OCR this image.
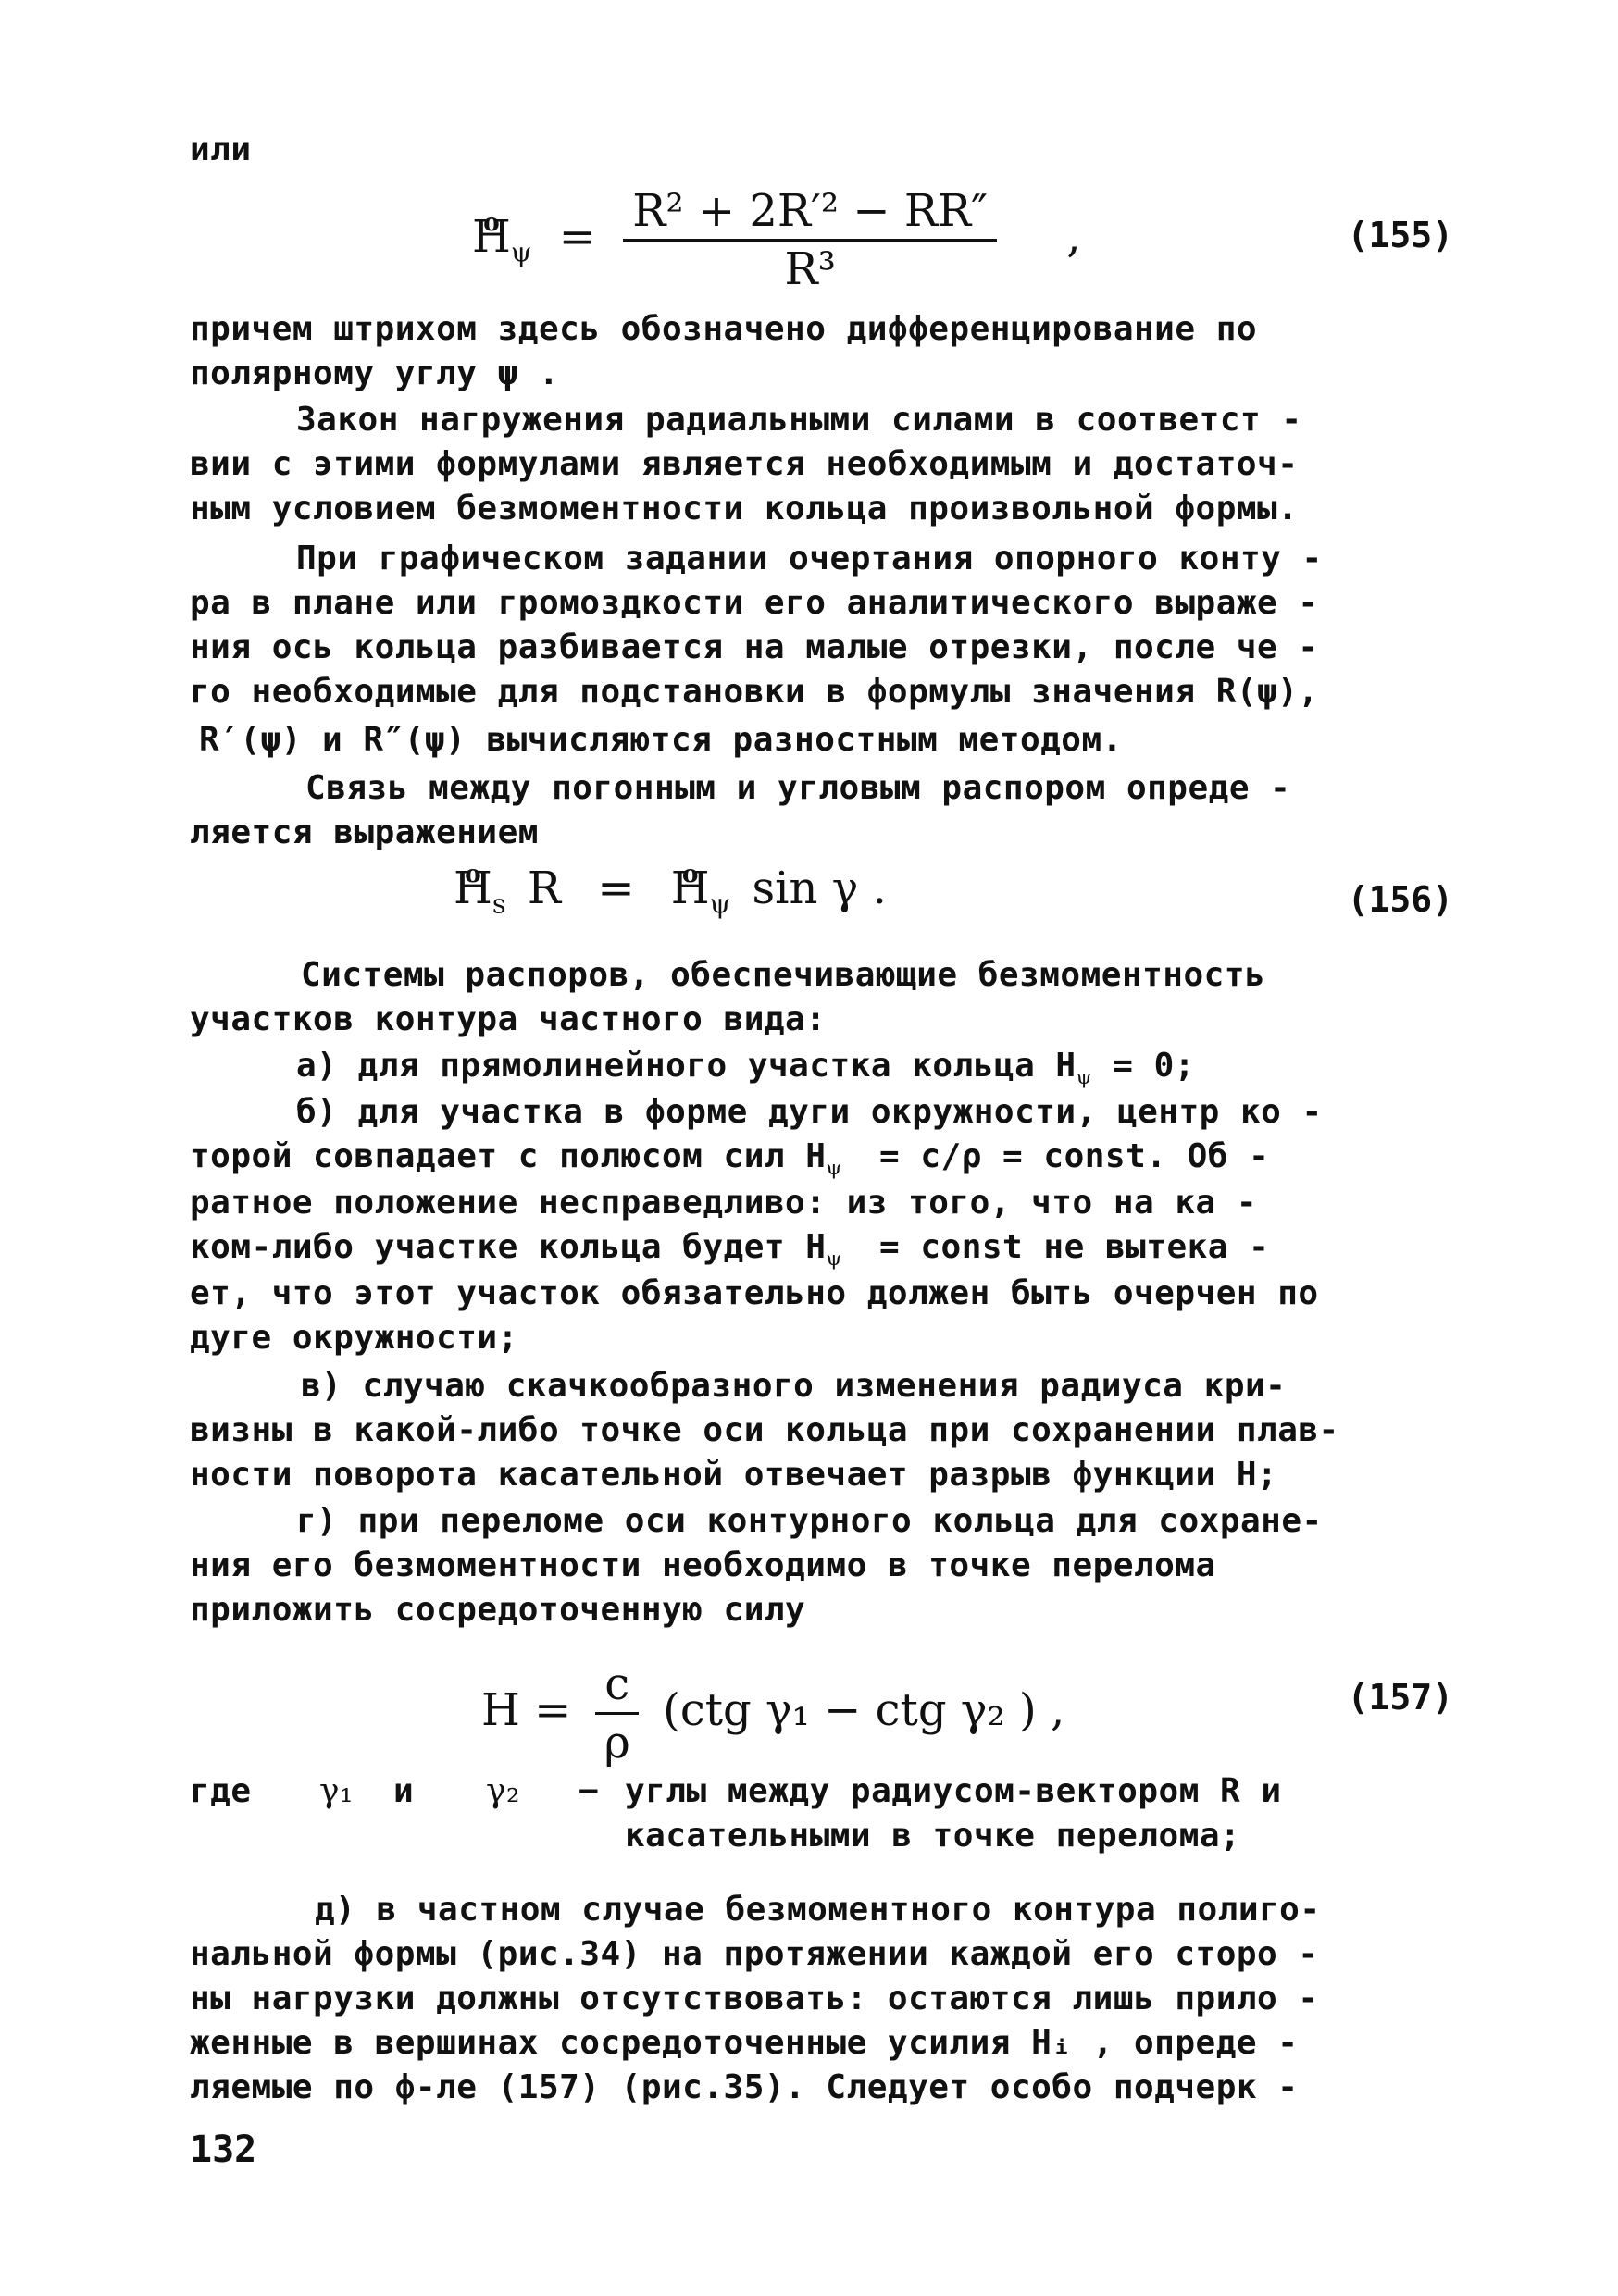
или
o $H_\psi = \frac{\text{R² + 2R′² − RR″}}{\text{R³}}$ ,	(155)
причем штрихом здесь обозначено дифференцирование по
полярному углу ψ .
Закон нагружения радиальными силами в соответст -
вии с этими формулами является необходимым и достаточ-
ным условием безмоментности кольца произвольной формы.
При графическом задании очертания опорного конту -
ра в плане или громоздкости его аналитического выраже -
ния ось кольца разбивается на малые отрезки, после че -
го необходимые для подстановки в формулы значения R(ψ),
R′(ψ) и R″(ψ) вычисляются разностным методом.
Связь между погонным и угловым распором опреде -
ляется выражением
o $H_s$ R = o $H_\psi$ sin γ .	(156)
Системы распоров, обеспечивающие безмоментность
участков контура частного вида:
а) для прямолинейного участка кольца $H_\psi = 0$;
б) для участка в форме дуги окружности, центр ко -
торой совпадает с полюсом сил $H_\psi = c/\rho$ = const. Об -
ратное положение несправедливо: из того, что на ка -
ком-либо участке кольца будет $H_\psi$ = const не вытека -
ет, что этот участок обязательно должен быть очерчен по
дуге окружности;
в) случаю скачкообразного изменения радиуса кри-
визны в какой-либо точке оси кольца при сохранении плав-
ности поворота касательной отвечает разрыв функции H;
г) при переломе оси контурного кольца для сохране-
ния его безмоментности необходимо в точке перелома
приложить сосредоточенную силу
$H = \frac{c}{\rho} (ctg$ γ₁ − ctg γ₂ ) ,	(157)
где γ₁ и γ₂ − углы между радиусом-вектором R и
касательными в точке перелома;
д) в частном случае безмоментного контура полиго-
нальной формы (рис.34) на протяжении каждой его сторо -
ны нагрузки должны отсутствовать: остаются лишь прило -
женные в вершинах сосредоточенные усилия Hᵢ , опреде -
ляемые по ф-ле (157) (рис.35). Следует особо подчерк -
132
